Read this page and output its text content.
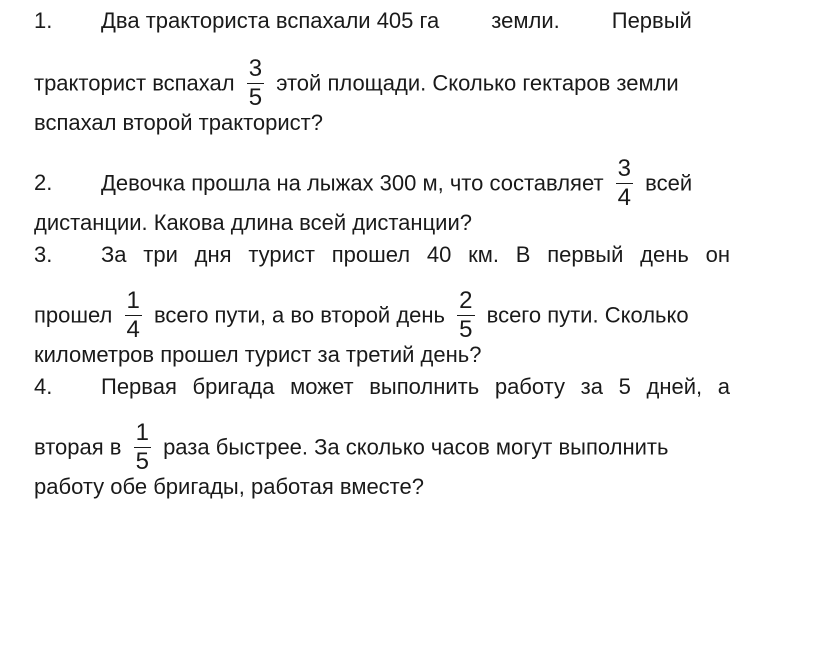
1. Два тракториста вспахали 405 га земли. Первый
тракторист вспахал $\frac{3}{5}$ этой площади. Сколько гектаров земли
вспахал второй тракторист?
2. Девочка прошла на лыжах 300 м, что составляет $\frac{3}{4}$ всей
дистанции. Какова длина всей дистанции?
3. За три дня турист прошел 40 км. В первый день он
прошел $\frac{1}{4}$ всего пути, а во второй день $\frac{2}{5}$ всего пути. Сколько
километров прошел турист за третий день?
4. Первая бригада может выполнить работу за 5 дней, а
вторая в $\frac{1}{5}$ раза быстрее. За сколько часов могут выполнить
работу обе бригады, работая вместе?
